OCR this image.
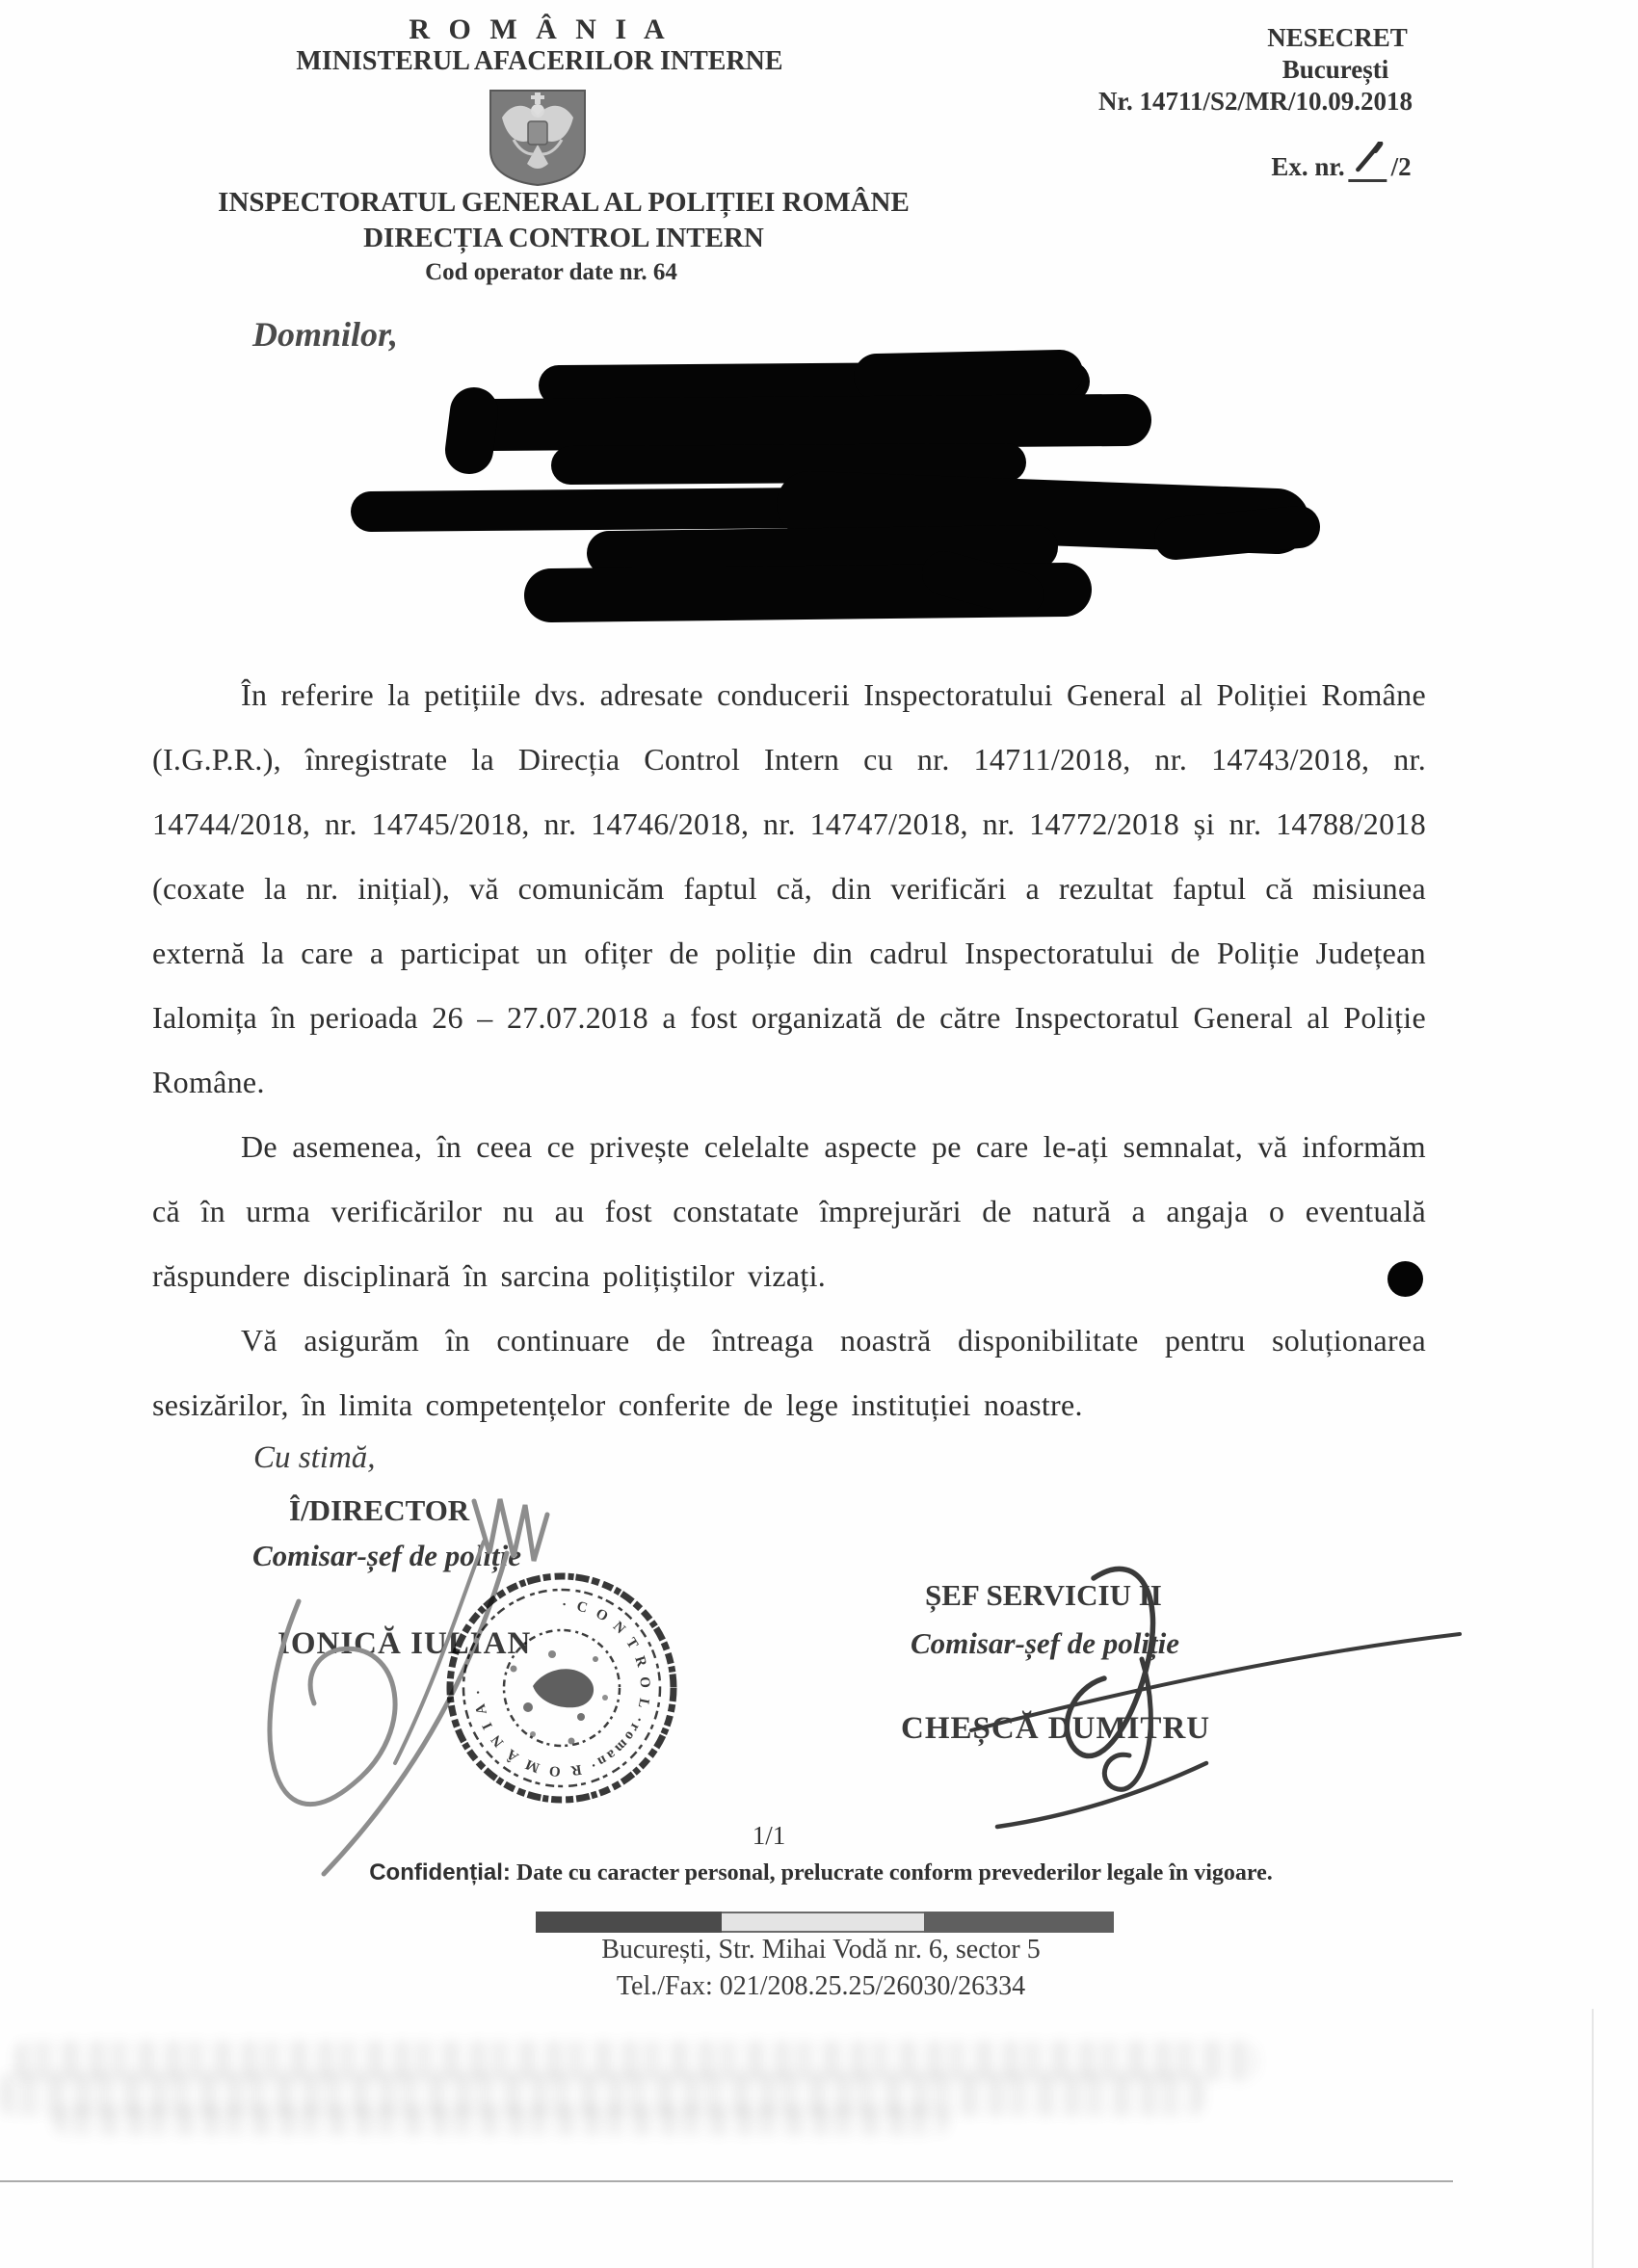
R O M Â N I A
MINISTERUL AFACERILOR INTERNE
INSPECTORATUL GENERAL AL POLIȚIEI ROMÂNE
DIRECȚIA CONTROL INTERN
Cod operator date nr. 64
NESECRET
București
Nr. 14711/S2/MR/10.09.2018
Ex. nr. /2
Domnilor,

În referire la petițiile dvs. adresate conducerii Inspectoratului General al Poliției Române (I.G.P.R.), înregistrate la Direcția Control Intern cu nr. 14711/2018, nr. 14743/2018, nr. 14744/2018, nr. 14745/2018, nr. 14746/2018, nr. 14747/2018, nr. 14772/2018 și nr. 14788/2018 (coxate la nr. inițial), vă comunicăm faptul că, din verificări a rezultat faptul că misiunea externă la care a participat un ofițer de poliție din cadrul Inspectoratului de Poliție Județean Ialomița în perioada 26 – 27.07.2018 a fost organizată de către Inspectoratul General al Poliție Române.

De asemenea, în ceea ce privește celelalte aspecte pe care le-ați semnalat, vă informăm că în urma verificărilor nu au fost constatate împrejurări de natură a angaja o eventuală răspundere disciplinară în sarcina polițiștilor vizați.

Vă asigurăm în continuare de întreaga noastră disponibilitate pentru soluționarea sesizărilor, în limita competențelor conferite de lege instituției noastre.

Cu stimă,
Î/DIRECTOR
Comisar-șef de poliție
IONICĂ IULIAN
· C O N T R O L ·roman· R O M Â N I A ·
ȘEF SERVICIU II
Comisar-șef de poliție
CHEȘCĂ DUMITRU
1/1
Confidențial: Date cu caracter personal, prelucrate conform prevederilor legale în vigoare.
București, Str. Mihai Vodă nr. 6, sector 5
Tel./Fax: 021/208.25.25/26030/26334
